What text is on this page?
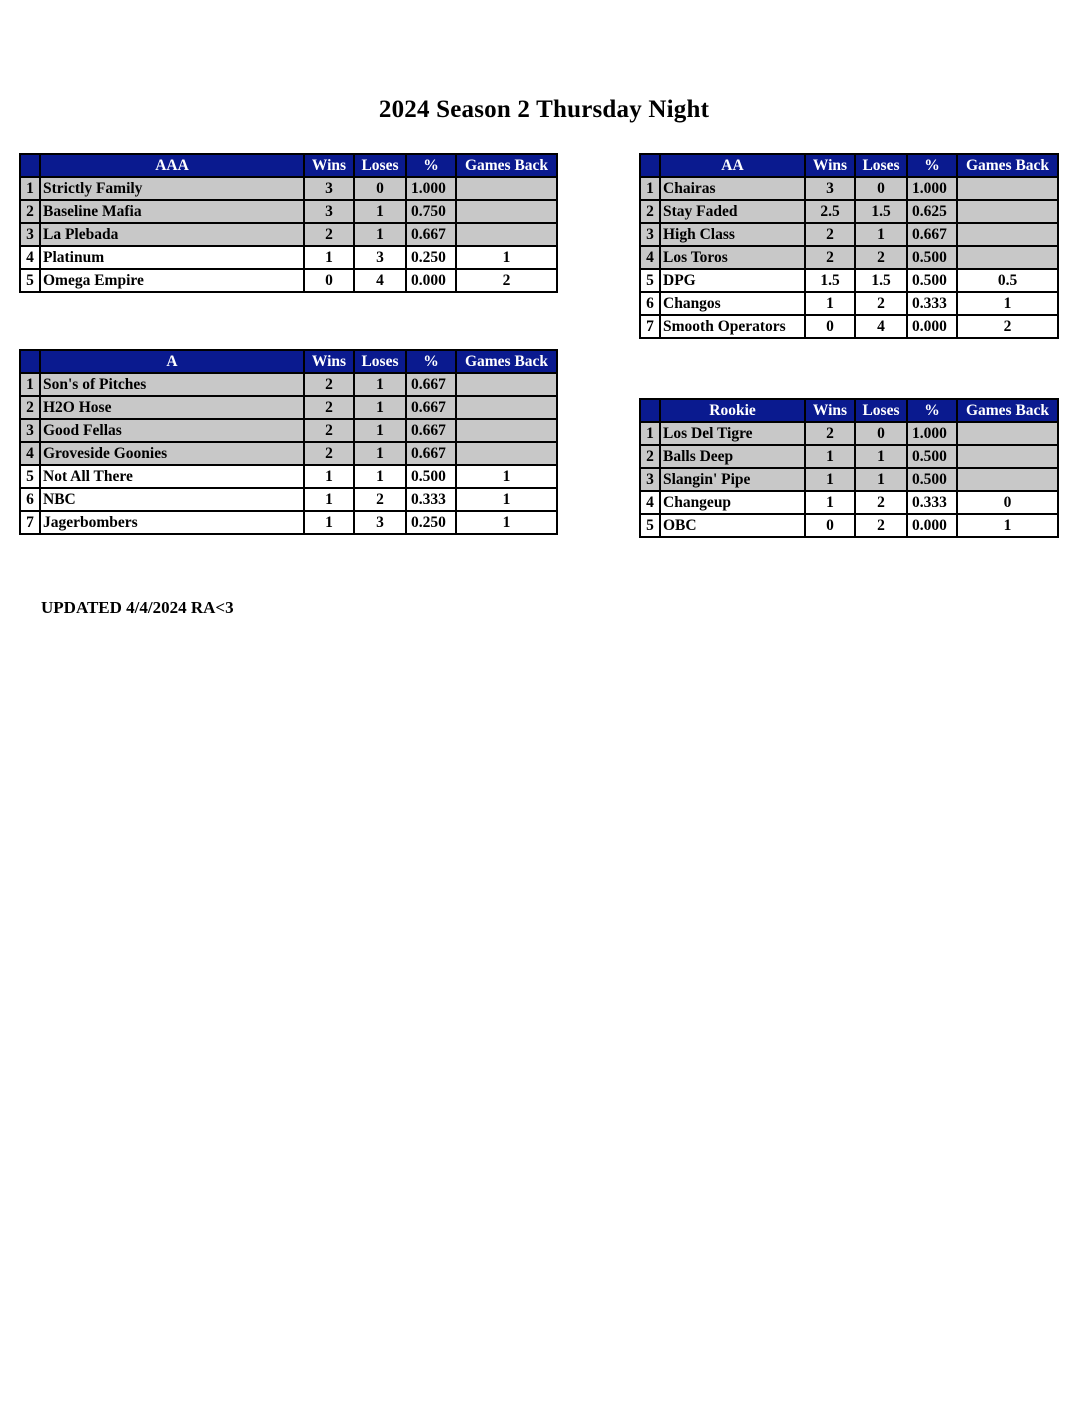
2024 Season 2 Thursday Night
	AAA	Wins	Loses	%	Games Back
1	Strictly Family	3	0	1.000	
2	Baseline Mafia	3	1	0.750	
3	La Plebada	2	1	0.667	
4	Platinum	1	3	0.250	1
5	Omega Empire	0	4	0.000	2
	AA	Wins	Loses	%	Games Back
1	Chairas	3	0	1.000	
2	Stay Faded	2.5	1.5	0.625	
3	High Class	2	1	0.667	
4	Los Toros	2	2	0.500	
5	DPG	1.5	1.5	0.500	0.5
6	Changos	1	2	0.333	1
7	Smooth Operators	0	4	0.000	2
	A	Wins	Loses	%	Games Back
1	Son's of Pitches	2	1	0.667	
2	H2O Hose	2	1	0.667	
3	Good Fellas	2	1	0.667	
4	Groveside Goonies	2	1	0.667	
5	Not All There	1	1	0.500	1
6	NBC	1	2	0.333	1
7	Jagerbombers	1	3	0.250	1
	Rookie	Wins	Loses	%	Games Back
1	Los Del Tigre	2	0	1.000	
2	Balls Deep	1	1	0.500	
3	Slangin' Pipe	1	1	0.500	
4	Changeup	1	2	0.333	0
5	OBC	0	2	0.000	1
UPDATED 4/4/2024 RA<3
